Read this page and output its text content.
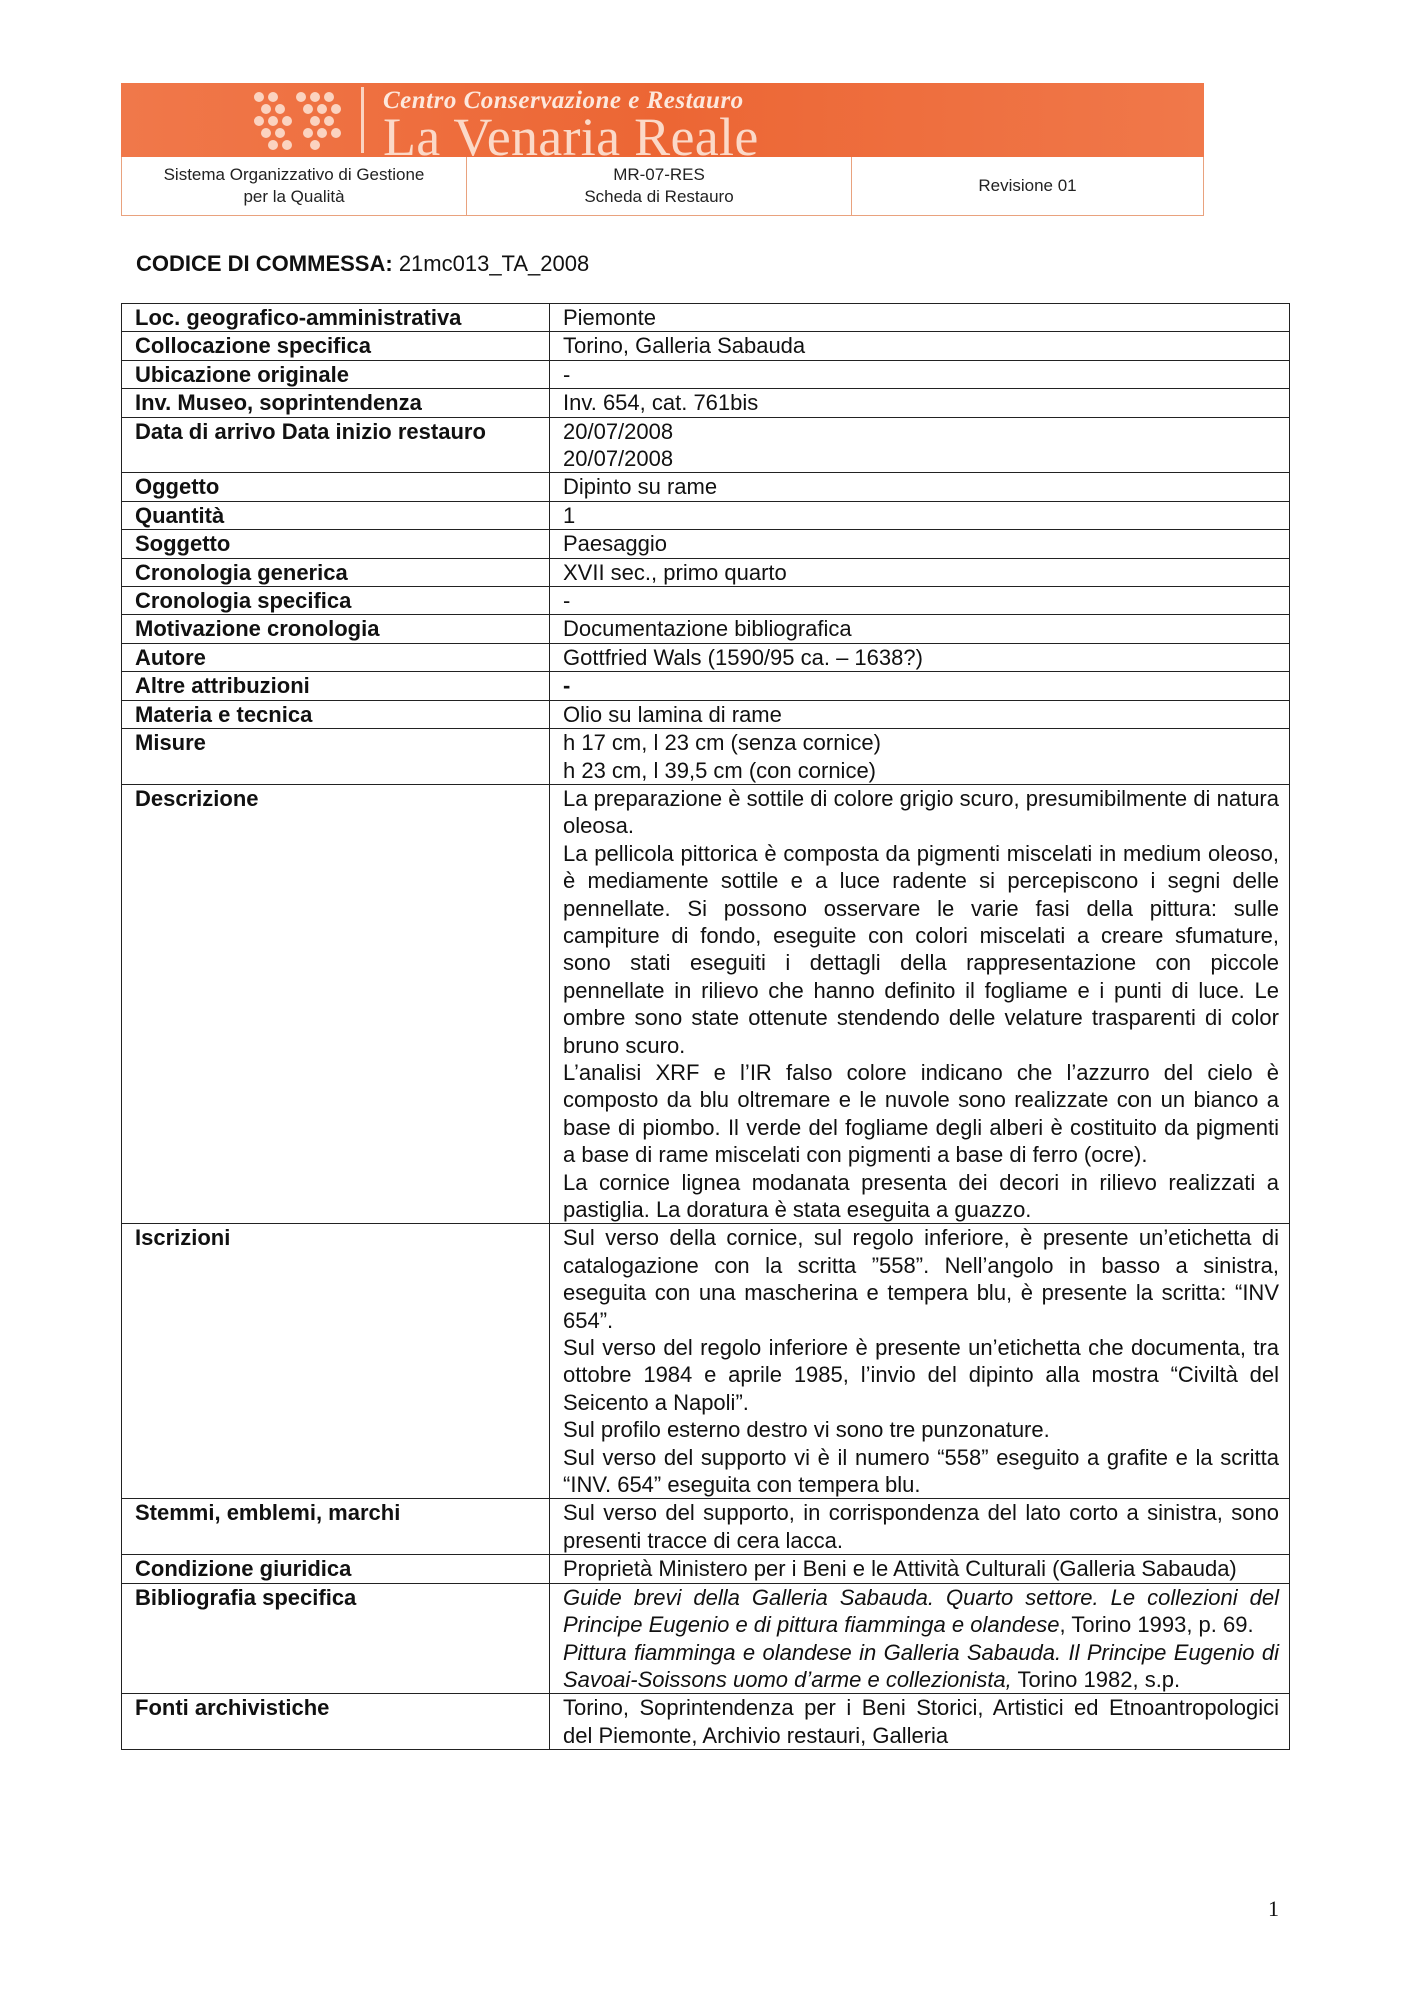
Centro Conservazione e Restauro
La Venaria Reale
Sistema Organizzativo di Gestione
per la Qualità
MR-07-RES
Scheda di Restauro
Revisione 01
CODICE DI COMMESSA: 21mc013_TA_2008
Loc. geografico-amministrativa	Piemonte
Collocazione specifica	Torino, Galleria Sabauda
Ubicazione originale	-
Inv. Museo, soprintendenza	Inv. 654, cat. 761bis
Data di arrivo Data inizio restauro	20/07/2008
20/07/2008

Oggetto	Dipinto su rame
Quantità	1
Soggetto	Paesaggio
Cronologia generica	XVII sec., primo quarto
Cronologia specifica	-
Motivazione cronologia	Documentazione bibliografica
Autore	Gottfried Wals (1590/95 ca. – 1638?)
Altre attribuzioni	-
Materia e tecnica	Olio su lamina di rame
Misure	h 17 cm, l 23 cm (senza cornice)
h 23 cm, l 39,5 cm (con cornice)

Descrizione	La preparazione è sottile di colore grigio scuro, presumibilmente di natura oleosa.
La pellicola pittorica è composta da pigmenti miscelati in medium oleoso, è mediamente sottile e a luce radente si percepiscono i segni delle pennellate. Si possono osservare le varie fasi della pittura: sulle campiture di fondo, eseguite con colori miscelati a creare sfumature, sono stati eseguiti i dettagli della rappresentazione con piccole pennellate in rilievo che hanno definito il fogliame e i punti di luce. Le ombre sono state ottenute stendendo delle velature trasparenti di color bruno scuro.
L’analisi XRF e l’IR falso colore indicano che l’azzurro del cielo è composto da blu oltremare e le nuvole sono realizzate con un bianco a base di piombo. Il verde del fogliame degli alberi è costituito da pigmenti a base di rame miscelati con pigmenti a base di ferro (ocre).
La cornice lignea modanata presenta dei decori in rilievo realizzati a pastiglia. La doratura è stata eseguita a guazzo.

Iscrizioni	Sul verso della cornice, sul regolo inferiore, è presente un’etichetta di catalogazione con la scritta ”558”. Nell’angolo in basso a sinistra, eseguita con una mascherina e tempera blu, è presente la scritta: “INV 654”.
Sul verso del regolo inferiore è presente un’etichetta che documenta, tra ottobre 1984 e aprile 1985, l’invio del dipinto alla mostra “Civiltà del Seicento a Napoli”.
Sul profilo esterno destro vi sono tre punzonature.
Sul verso del supporto vi è il numero “558” eseguito a grafite e la scritta “INV. 654” eseguita con tempera blu.

Stemmi, emblemi, marchi	Sul verso del supporto, in corrispondenza del lato corto a sinistra, sono presenti tracce di cera lacca.
Condizione giuridica	Proprietà Ministero per i Beni e le Attività Culturali (Galleria Sabauda)
Bibliografia specifica	Guide brevi della Galleria Sabauda. Quarto settore. Le collezioni del Principe Eugenio e di pittura fiamminga e olandese, Torino 1993, p. 69.
Pittura fiamminga e olandese in Galleria Sabauda. Il Principe Eugenio di Savoai-Soissons uomo d’arme e collezionista, Torino 1982, s.p.

Fonti archivistiche	Torino, Soprintendenza per i Beni Storici, Artistici ed Etnoantropologici del Piemonte, Archivio restauri, Galleria
1
